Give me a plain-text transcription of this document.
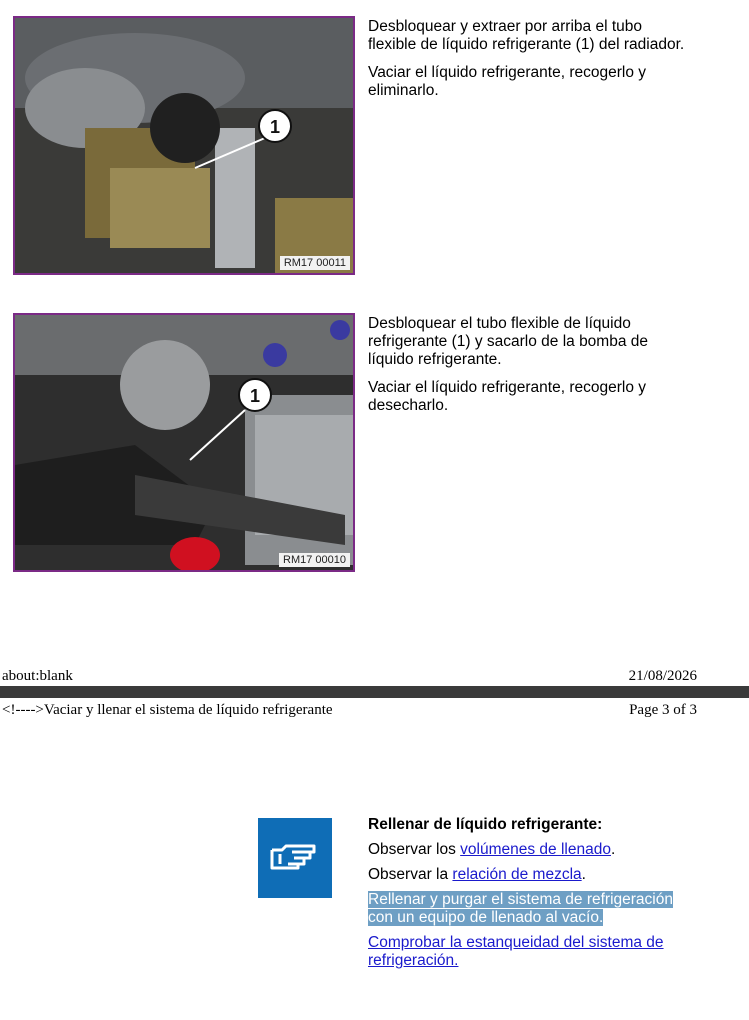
1
RM17 00011

Desbloquear y extraer por arriba el tubo flexible de líquido refrigerante (1) del radiador.

Vaciar el líquido refrigerante, recogerlo y eliminarlo.

1
RM17 00010

Desbloquear el tubo flexible de líquido refrigerante (1) y sacarlo de la bomba de líquido refrigerante.

Vaciar el líquido refrigerante, recogerlo y desecharlo.

about:blank	21/08/2026
<!---->Vaciar y llenar el sistema de líquido refrigerante	Page 3 of 3
Rellenar de líquido refrigerante:
Observar los volúmenes de llenado.
Observar la relación de mezcla.
Rellenar y purgar el sistema de refrigeración con un equipo de llenado al vacío.
Comprobar la estanqueidad del sistema de refrigeración.
